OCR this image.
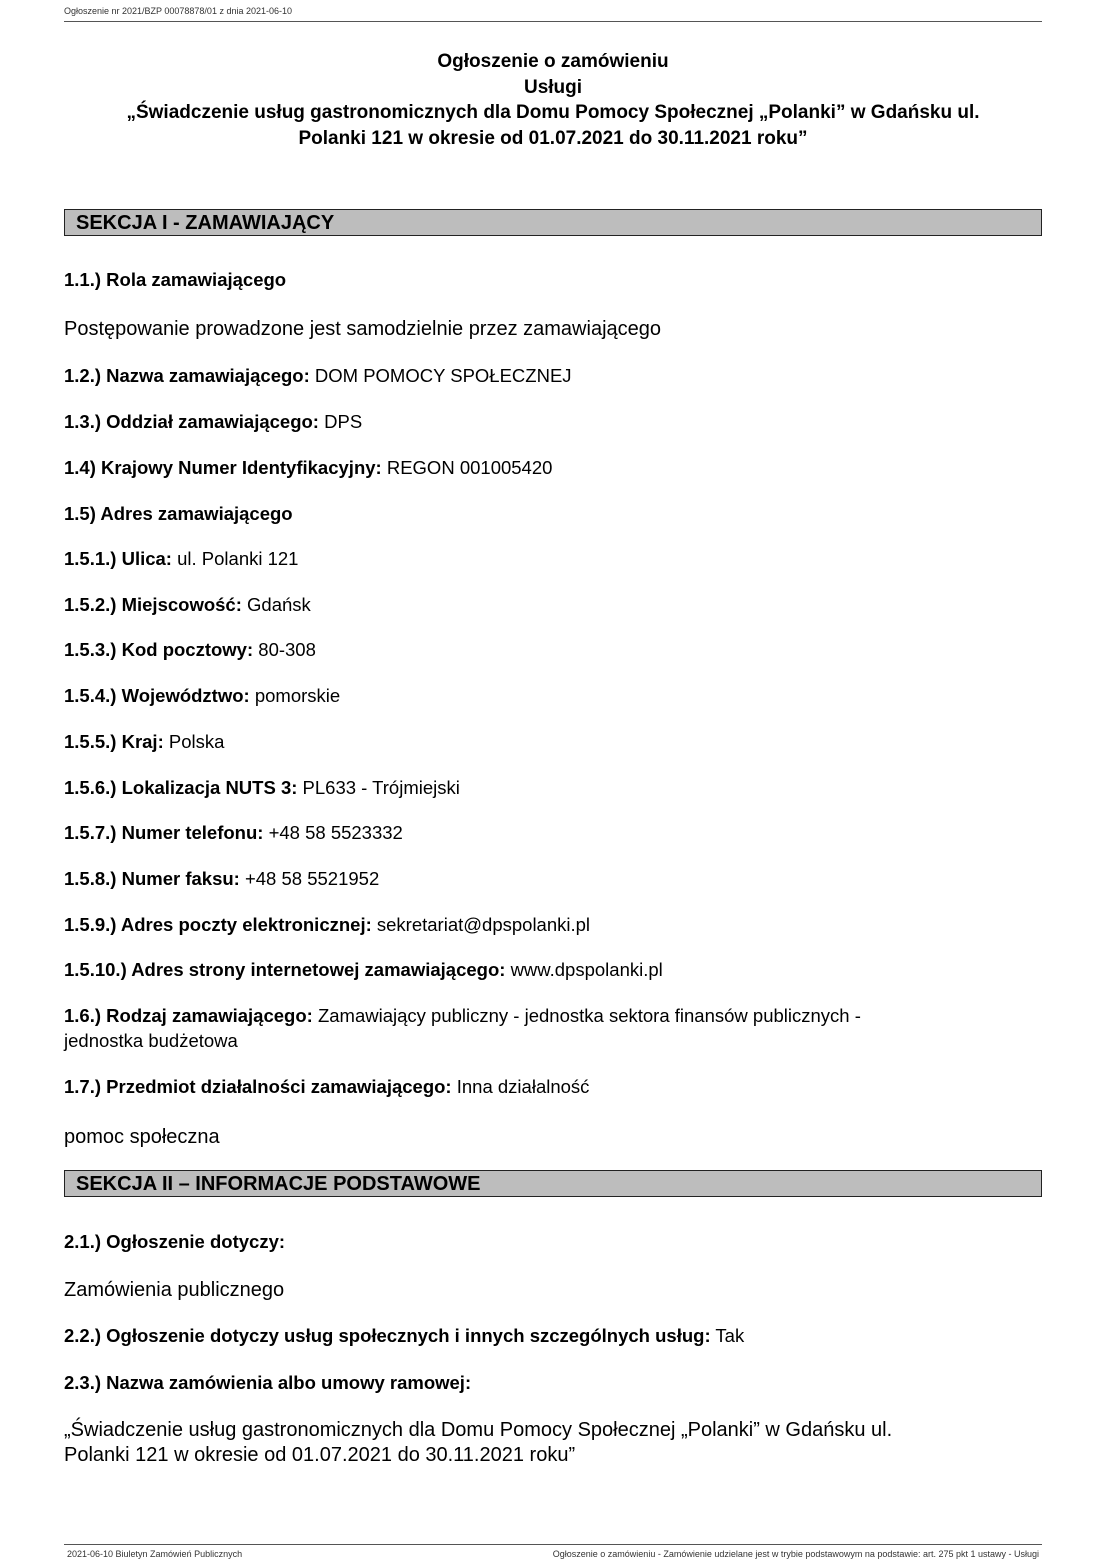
Ogłoszenie nr 2021/BZP 00078878/01 z dnia 2021-06-10
Ogłoszenie o zamówieniu
Usługi
„Świadczenie usług gastronomicznych dla Domu Pomocy Społecznej „Polanki” w Gdańsku ul.
Polanki 121 w okresie od 01.07.2021 do 30.11.2021 roku”
SEKCJA I - ZAMAWIAJĄCY
1.1.) Rola zamawiającego
Postępowanie prowadzone jest samodzielnie przez zamawiającego
1.2.) Nazwa zamawiającego: DOM POMOCY SPOŁECZNEJ
1.3.) Oddział zamawiającego: DPS
1.4) Krajowy Numer Identyfikacyjny: REGON 001005420
1.5) Adres zamawiającego
1.5.1.) Ulica: ul. Polanki 121
1.5.2.) Miejscowość: Gdańsk
1.5.3.) Kod pocztowy: 80-308
1.5.4.) Województwo: pomorskie
1.5.5.) Kraj: Polska
1.5.6.) Lokalizacja NUTS 3: PL633 - Trójmiejski
1.5.7.) Numer telefonu: +48 58 5523332
1.5.8.) Numer faksu: +48 58 5521952
1.5.9.) Adres poczty elektronicznej: sekretariat@dpspolanki.pl
1.5.10.) Adres strony internetowej zamawiającego: www.dpspolanki.pl
1.6.) Rodzaj zamawiającego: Zamawiający publiczny - jednostka sektora finansów publicznych -
jednostka budżetowa
1.7.) Przedmiot działalności zamawiającego: Inna działalność
pomoc społeczna
SEKCJA II – INFORMACJE PODSTAWOWE
2.1.) Ogłoszenie dotyczy:
Zamówienia publicznego
2.2.) Ogłoszenie dotyczy usług społecznych i innych szczególnych usług: Tak
2.3.) Nazwa zamówienia albo umowy ramowej:
„Świadczenie usług gastronomicznych dla Domu Pomocy Społecznej „Polanki” w Gdańsku ul.
Polanki 121 w okresie od 01.07.2021 do 30.11.2021 roku”
2021-06-10 Biuletyn Zamówień Publicznych	Ogłoszenie o zamówieniu - Zamówienie udzielane jest w trybie podstawowym na podstawie: art. 275 pkt 1 ustawy - Usługi
